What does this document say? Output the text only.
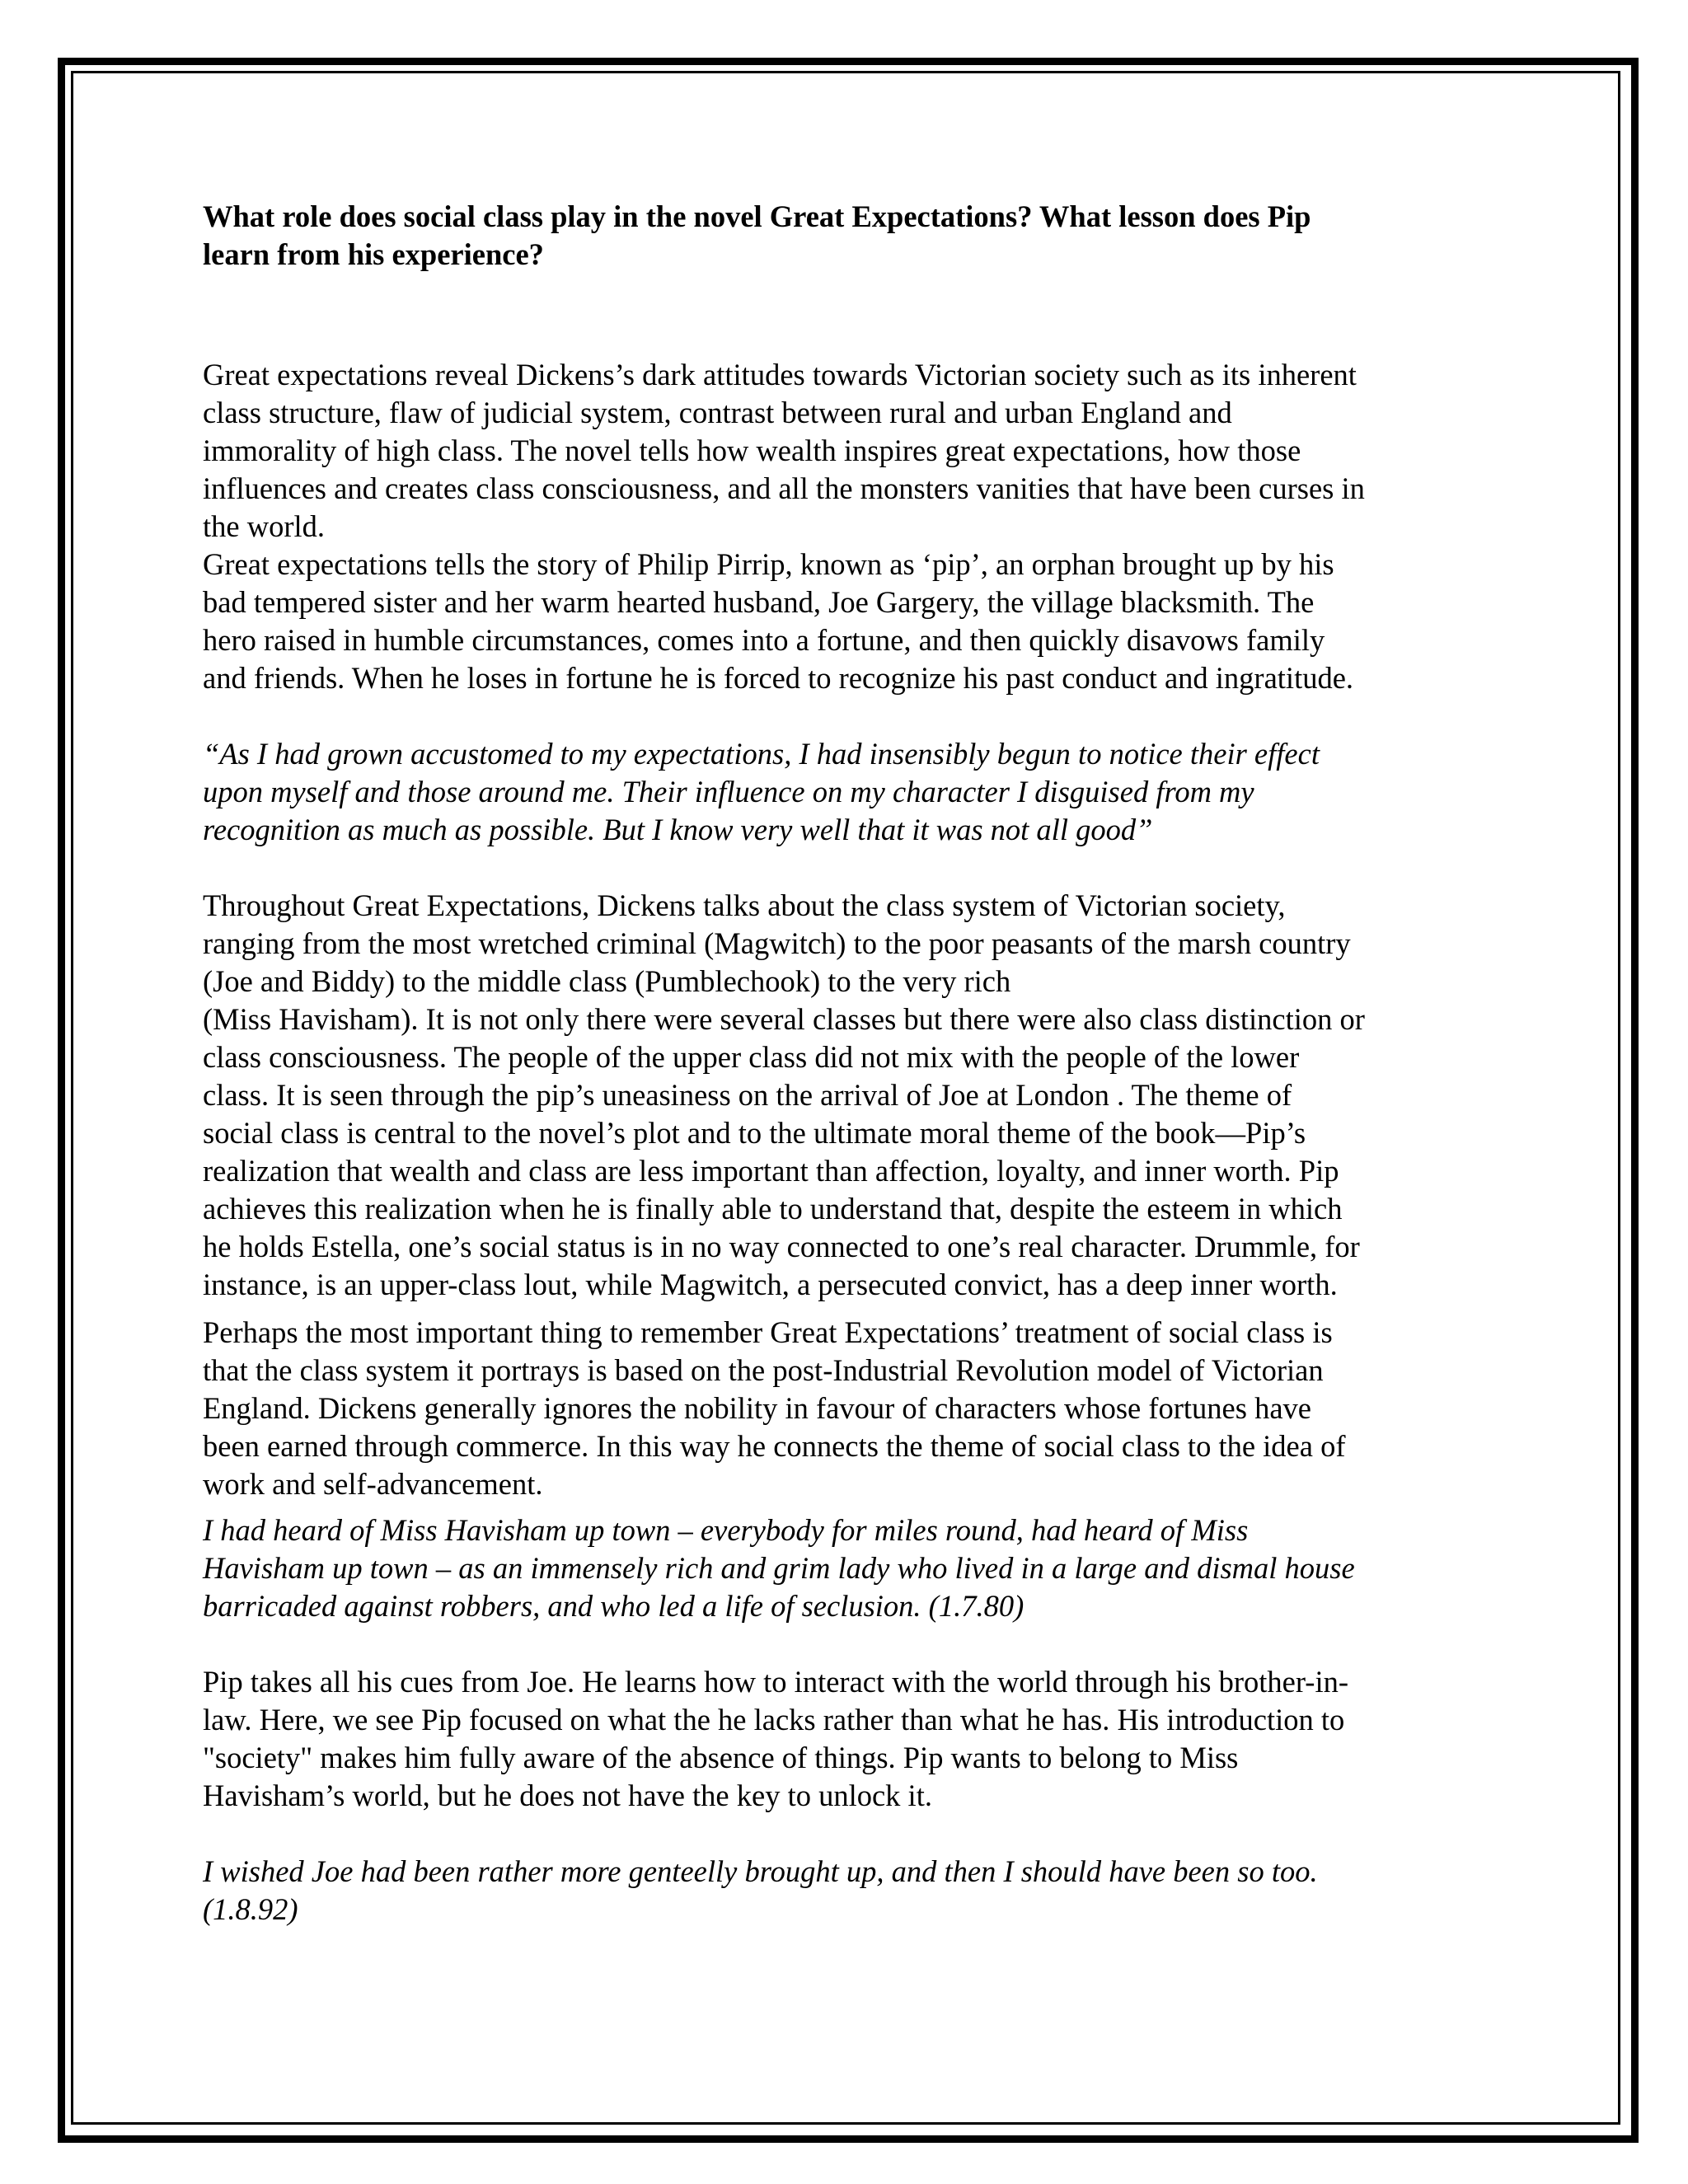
What role does social class play in the novel Great Expectations? What lesson does Pip
learn from his experience?

Great expectations reveal Dickens’s dark attitudes towards Victorian society such as its inherent
class structure, flaw of judicial system, contrast between rural and urban England and
immorality of high class. The novel tells how wealth inspires great expectations, how those
influences and creates class consciousness, and all the monsters vanities that have been curses in
the world.

Great expectations tells the story of Philip Pirrip, known as ‘pip’, an orphan brought up by his
bad tempered sister and her warm hearted husband, Joe Gargery, the village blacksmith. The
hero raised in humble circumstances, comes into a fortune, and then quickly disavows family
and friends. When he loses in fortune he is forced to recognize his past conduct and ingratitude.

“As I had grown accustomed to my expectations, I had insensibly begun to notice their effect
upon myself and those around me. Their influence on my character I disguised from my
recognition as much as possible. But I know very well that it was not all good”

Throughout Great Expectations, Dickens talks about the class system of Victorian society,
ranging from the most wretched criminal (Magwitch) to the poor peasants of the marsh country
(Joe and Biddy) to the middle class (Pumblechook) to the very rich
(Miss Havisham). It is not only there were several classes but there were also class distinction or
class consciousness. The people of the upper class did not mix with the people of the lower
class. It is seen through the pip’s uneasiness on the arrival of Joe at London . The theme of
social class is central to the novel’s plot and to the ultimate moral theme of the book—Pip’s
realization that wealth and class are less important than affection, loyalty, and inner worth. Pip
achieves this realization when he is finally able to understand that, despite the esteem in which
he holds Estella, one’s social status is in no way connected to one’s real character. Drummle, for
instance, is an upper-class lout, while Magwitch, a persecuted convict, has a deep inner worth.

Perhaps the most important thing to remember Great Expectations’ treatment of social class is
that the class system it portrays is based on the post-Industrial Revolution model of Victorian
England. Dickens generally ignores the nobility in favour of characters whose fortunes have
been earned through commerce. In this way he connects the theme of social class to the idea of
work and self-advancement.

I had heard of Miss Havisham up town – everybody for miles round, had heard of Miss
Havisham up town – as an immensely rich and grim lady who lived in a large and dismal house
barricaded against robbers, and who led a life of seclusion. (1.7.80)

Pip takes all his cues from Joe. He learns how to interact with the world through his brother-in-
law. Here, we see Pip focused on what the he lacks rather than what he has. His introduction to
"society" makes him fully aware of the absence of things. Pip wants to belong to Miss
Havisham’s world, but he does not have the key to unlock it.

I wished Joe had been rather more genteelly brought up, and then I should have been so too.
(1.8.92)
